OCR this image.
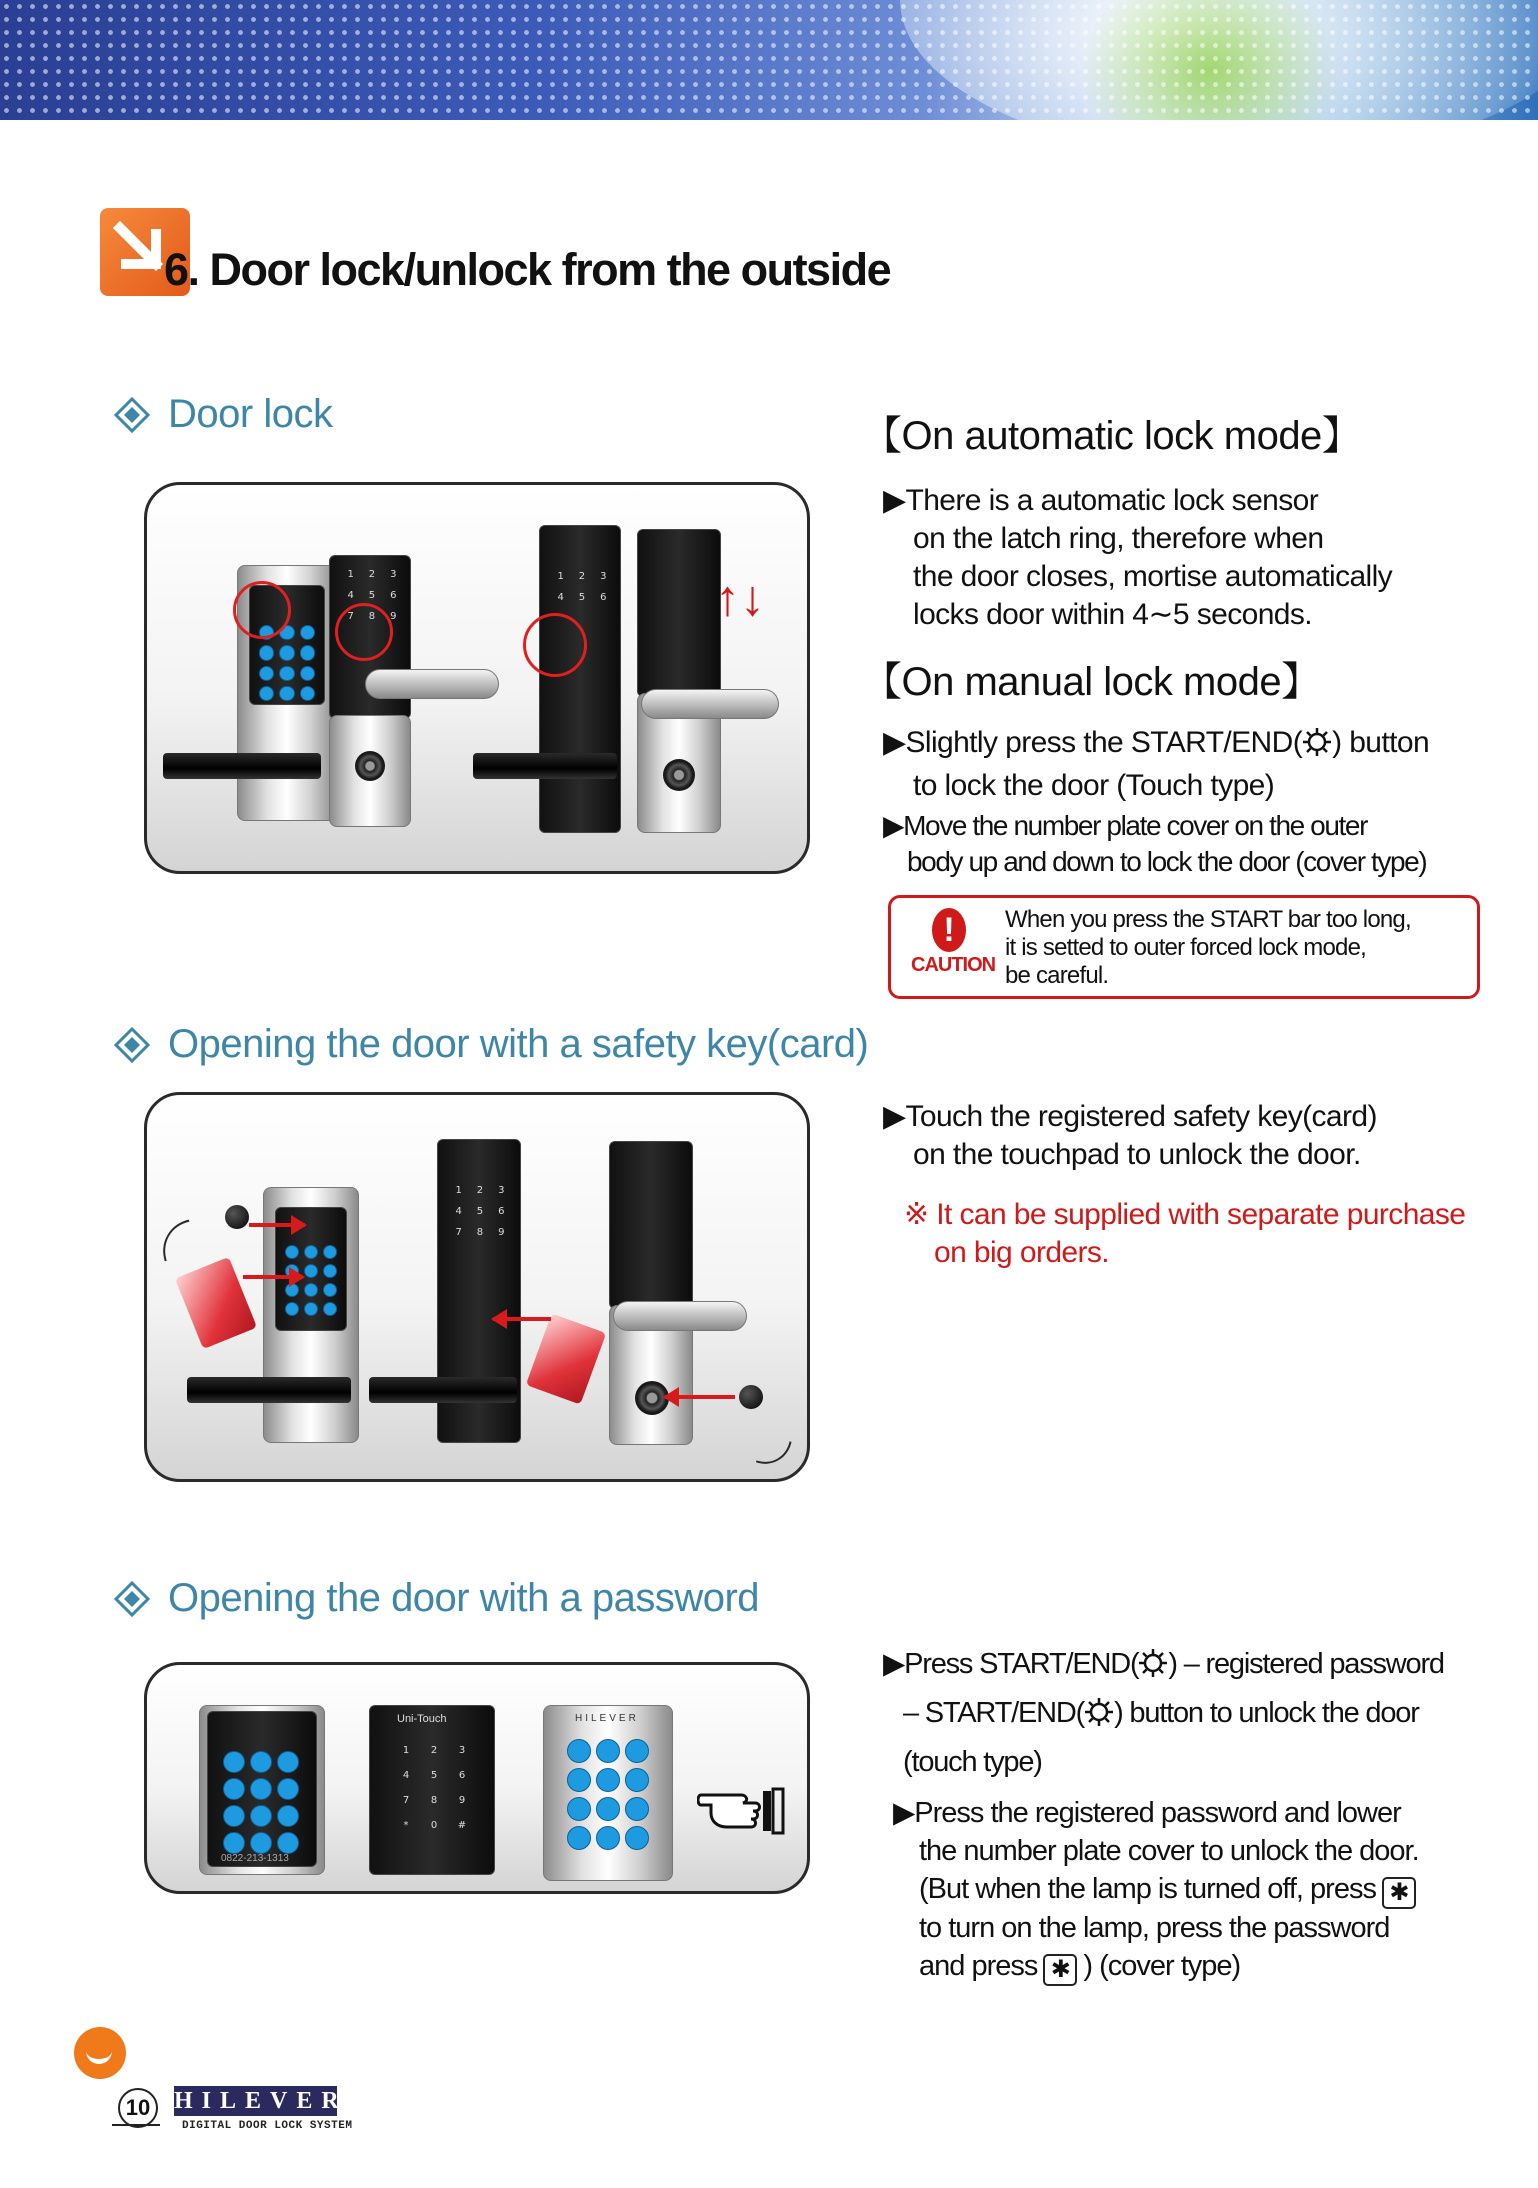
6. Door lock/unlock from the outside
Door lock
1 2 3
4 5 6
7 8 9
1 2 3
4 5 6 ↑↓
【On automatic lock mode】
▶There is a automatic lock sensor
on the latch ring, therefore when
the door closes, mortise automatically
locks door within 4∼5 seconds.
【On manual lock mode】
▶Slightly press the START/END( ) button
to lock the door (Touch type)
▶Move the number plate cover on the outer
body up and down to lock the door (cover type)
!
CAUTION
When you press the START bar too long,
it is setted to outer forced lock mode,
be careful.
Opening the door with a safety key(card)
1 2 3
4 5 6
7 8 9
▶Touch the registered safety key(card)
on the touchpad to unlock the door.
※ It can be supplied with separate purchase
on big orders.
Opening the door with a password
0822-213-1313
Uni-Touch
1	2	3
4	5	6
7	8	9
*	0	#
HILEVER
▶Press START/END( ) – registered password
– START/END( ) button to unlock the door
(touch type)
▶Press the registered password and lower
the number plate cover to unlock the door.
(But when the lamp is turned off, press ✱
to turn on the lamp, press the password
and press ✱ ) (cover type)
10 HILEVER
DIGITAL DOOR LOCK SYSTEM
